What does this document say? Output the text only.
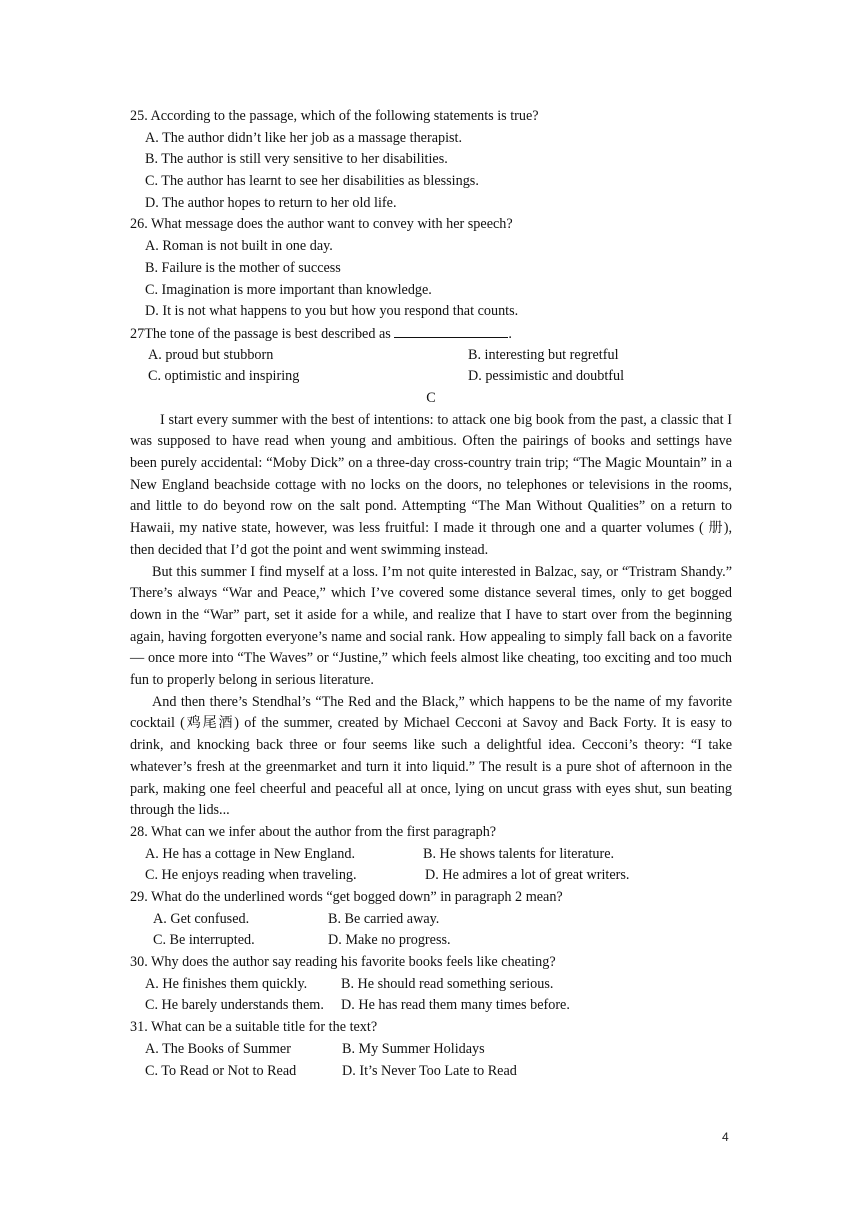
25. According to the passage, which of the following statements is true?
A. The author didn’t like her job as a massage therapist.
B. The author is still very sensitive to her disabilities.
C. The author has learnt to see her disabilities as blessings.
D. The author hopes to return to her old life.
26. What message does the author want to convey with her speech?
A. Roman is not built in one day.
B. Failure is the mother of success
C. Imagination is more important than knowledge.
D. It is not what happens to you but how you respond that counts.
27The tone of the passage is best described as	.
A. proud but stubborn	B. interesting but regretful
C. optimistic and inspiring	D. pessimistic and doubtful
C

I start every summer with the best of intentions: to attack one big book from the past, a classic that I was supposed to have read when young and ambitious. Often the pairings of books and settings have been purely accidental: “Moby Dick” on a three-day cross-country train trip; “The Magic Mountain” in a New England beachside cottage with no locks on the doors, no telephones or televisions in the rooms, and little to do beyond row on the salt pond. Attempting “The Man Without Qualities” on a return to Hawaii, my native state, however, was less fruitful: I made it through one and a quarter volumes ( 册), then decided that I’d got the point and went swimming instead.

But this summer I find myself at a loss. I’m not quite interested in Balzac, say, or “Tristram Shandy.” There’s always “War and Peace,” which I’ve covered some distance several times, only to get bogged down in the “War” part, set it aside for a while, and realize that I have to start over from the beginning again, having forgotten everyone’s name and social rank. How appealing to simply fall back on a favorite — once more into “The Waves” or “Justine,” which feels almost like cheating, too exciting and too much fun to properly belong in serious literature.

And then there’s Stendhal’s “The Red and the Black,” which happens to be the name of my favorite cocktail (鸡尾酒) of the summer, created by Michael Cecconi at Savoy and Back Forty. It is easy to drink, and knocking back three or four seems like such a delightful idea. Cecconi’s theory: “I take whatever’s fresh at the greenmarket and turn it into liquid.” The result is a pure shot of afternoon in the park, making one feel cheerful and peaceful all at once, lying on uncut grass with eyes shut, sun beating through the lids...

28. What can we infer about the author from the first paragraph?
A. He has a cottage in New England.	B. He shows talents for literature.
C. He enjoys reading when traveling.	D. He admires a lot of great writers.
29. What do the underlined words “get bogged down” in paragraph 2 mean?
A. Get confused.	B. Be carried away.
C. Be interrupted.	D. Make no progress.
30. Why does the author say reading his favorite books feels like cheating?
A. He finishes them quickly.	B. He should read something serious.
C. He barely understands them.	D. He has read them many times before.
31. What can be a suitable title for the text?
A. The Books of Summer	B. My Summer Holidays
C. To Read or Not to Read	D. It’s Never Too Late to Read
4
